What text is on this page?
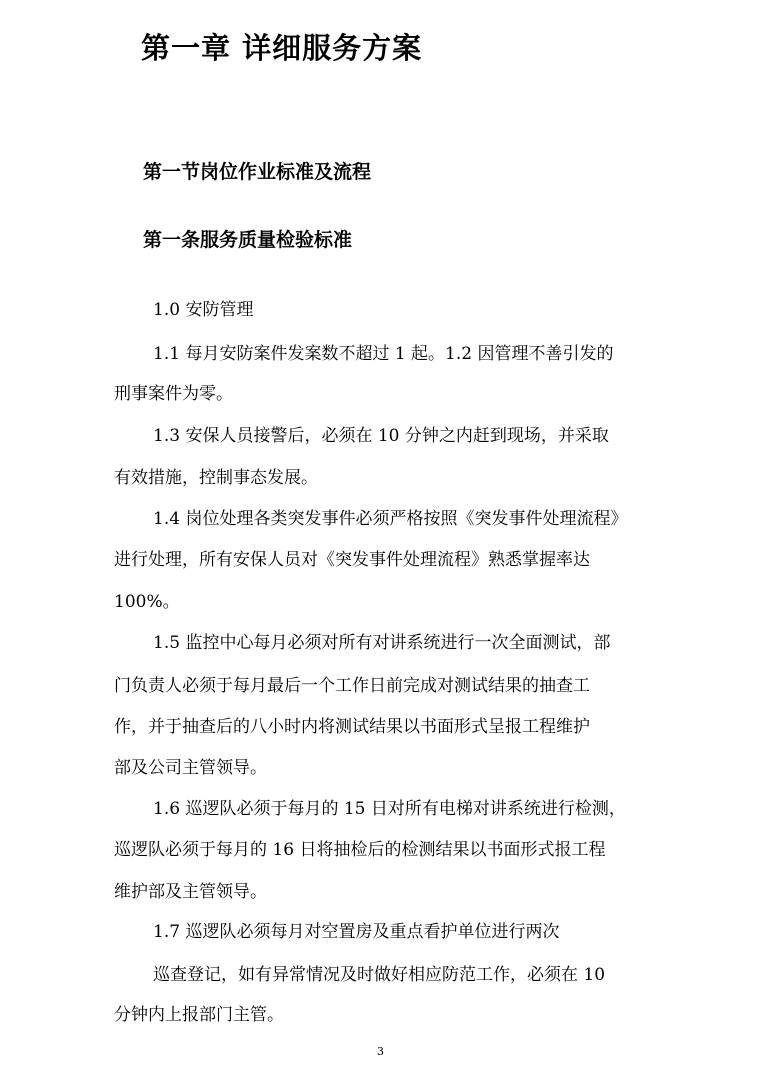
第一章 详细服务方案
第一节岗位作业标准及流程
第一条服务质量检验标准

1.0 安防管理

1.1 每月安防案件发案数不超过 1 起。1.2 因管理不善引发的

刑事案件为零。

1.3 安保人员接警后，必须在 10 分钟之内赶到现场，并采取

有效措施，控制事态发展。

1.4 岗位处理各类突发事件必须严格按照《突发事件处理流程》

进行处理，所有安保人员对《突发事件处理流程》熟悉掌握率达

100%。

1.5 监控中心每月必须对所有对讲系统进行一次全面测试，部

门负责人必须于每月最后一个工作日前完成对测试结果的抽查工

作，并于抽查后的八小时内将测试结果以书面形式呈报工程维护

部及公司主管领导。

1.6 巡逻队必须于每月的 15 日对所有电梯对讲系统进行检测，

巡逻队必须于每月的 16 日将抽检后的检测结果以书面形式报工程

维护部及主管领导。

1.7 巡逻队必须每月对空置房及重点看护单位进行两次

巡查登记，如有异常情况及时做好相应防范工作，必须在 10

分钟内上报部门主管。

3
